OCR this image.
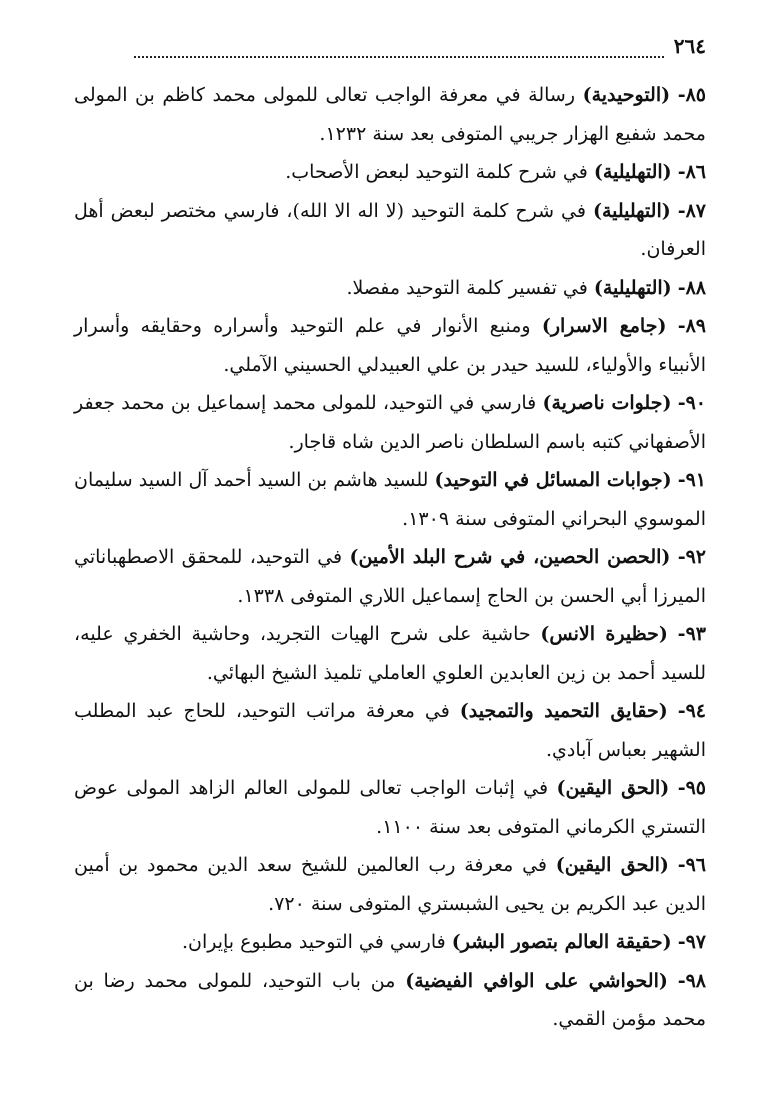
٢٦٤
٨٥- (التوحيدية) رسالة في معرفة الواجب تعالى للمولى محمد كاظم بن المولى محمد شفيع الهزار جريبي المتوفى بعد سنة ١٢٣٢.
٨٦- (التهليلية) في شرح كلمة التوحيد لبعض الأصحاب.
٨٧- (التهليلية) في شرح كلمة التوحيد (لا اله الا الله)، فارسي مختصر لبعض أهل العرفان.
٨٨- (التهليلية) في تفسير كلمة التوحيد مفصلا.
٨٩- (جامع الاسرار) ومنبع الأنوار في علم التوحيد وأسراره وحقايقه وأسرار الأنبياء والأولياء، للسيد حيدر بن علي العبيدلي الحسيني الآملي.
٩٠- (جلوات ناصرية) فارسي في التوحيد، للمولى محمد إسماعيل بن محمد جعفر الأصفهاني كتبه باسم السلطان ناصر الدين شاه قاجار.
٩١- (جوابات المسائل في التوحيد) للسيد هاشم بن السيد أحمد آل السيد سليمان الموسوي البحراني المتوفى سنة ١٣٠٩.
٩٢- (الحصن الحصين، في شرح البلد الأمين) في التوحيد، للمحقق الاصطهباناتي الميرزا أبي الحسن بن الحاج إسماعيل اللاري المتوفى ١٣٣٨.
٩٣- (حظيرة الانس) حاشية على شرح الهيات التجريد، وحاشية الخفري عليه، للسيد أحمد بن زين العابدين العلوي العاملي تلميذ الشيخ البهائي.
٩٤- (حقايق التحميد والتمجيد) في معرفة مراتب التوحيد، للحاج عبد المطلب الشهير بعباس آبادي.
٩٥- (الحق اليقين) في إثبات الواجب تعالى للمولى العالم الزاهد المولى عوض التستري الكرماني المتوفى بعد سنة ١١٠٠.
٩٦- (الحق اليقين) في معرفة رب العالمين للشيخ سعد الدين محمود بن أمين الدين عبد الكريم بن يحيى الشبستري المتوفى سنة ٧٢٠.
٩٧- (حقيقة العالم بتصور البشر) فارسي في التوحيد مطبوع بإيران.
٩٨- (الحواشي على الوافي الفيضية) من باب التوحيد، للمولى محمد رضا بن محمد مؤمن القمي.
